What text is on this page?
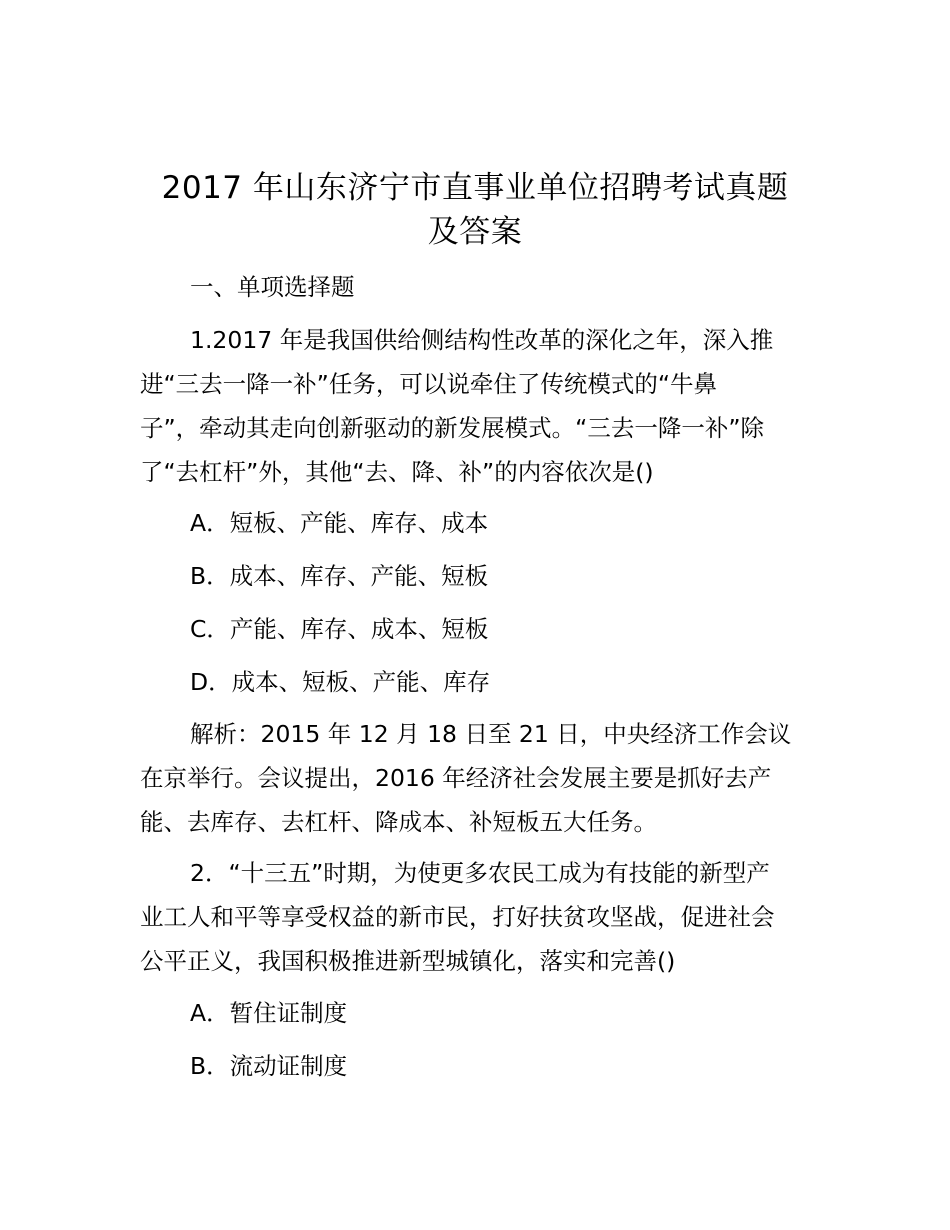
2017 年山东济宁市直事业单位招聘考试真题
及答案
一、单项选择题
1.2017 年是我国供给侧结构性改革的深化之年，深入推
进“三去一降一补”任务，可以说牵住了传统模式的“牛鼻
子”，牵动其走向创新驱动的新发展模式。“三去一降一补”除
了“去杠杆”外，其他“去、降、补”的内容依次是()
A．短板、产能、库存、成本
B．成本、库存、产能、短板
C．产能、库存、成本、短板
D．成本、短板、产能、库存
解析：2015 年 12 月 18 日至 21 日，中央经济工作会议
在京举行。会议提出，2016 年经济社会发展主要是抓好去产
能、去库存、去杠杆、降成本、补短板五大任务。
2．“十三五”时期，为使更多农民工成为有技能的新型产
业工人和平等享受权益的新市民，打好扶贫攻坚战，促进社会
公平正义，我国积极推进新型城镇化，落实和完善()
A．暂住证制度
B．流动证制度
